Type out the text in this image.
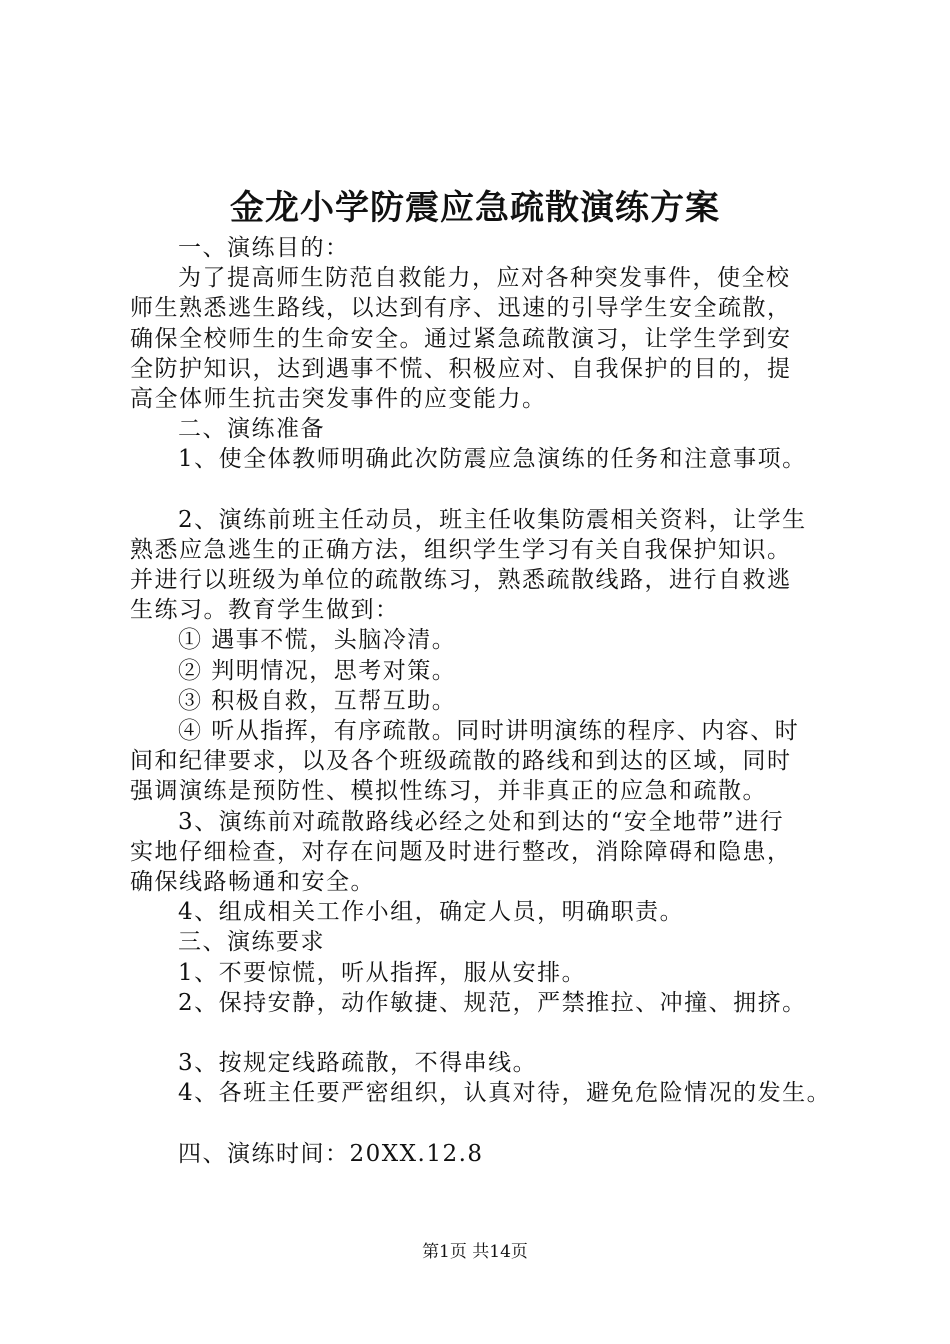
金龙小学防震应急疏散演练方案
一、演练目的：
为了提高师生防范自救能力，应对各种突发事件，使全校
师生熟悉逃生路线，以达到有序、迅速的引导学生安全疏散，
确保全校师生的生命安全。通过紧急疏散演习，让学生学到安
全防护知识，达到遇事不慌、积极应对、自我保护的目的，提
高全体师生抗击突发事件的应变能力。
二、演练准备
1、使全体教师明确此次防震应急演练的任务和注意事项。
2、演练前班主任动员，班主任收集防震相关资料，让学生
熟悉应急逃生的正确方法，组织学生学习有关自我保护知识。
并进行以班级为单位的疏散练习，熟悉疏散线路，进行自救逃
生练习。教育学生做到：
① 遇事不慌，头脑冷清。
② 判明情况，思考对策。
③ 积极自救，互帮互助。
④ 听从指挥，有序疏散。同时讲明演练的程序、内容、时
间和纪律要求，以及各个班级疏散的路线和到达的区域，同时
强调演练是预防性、模拟性练习，并非真正的应急和疏散。
3、演练前对疏散路线必经之处和到达的“安全地带”进行
实地仔细检查，对存在问题及时进行整改，消除障碍和隐患，
确保线路畅通和安全。
4、组成相关工作小组，确定人员，明确职责。
三、演练要求
1、不要惊慌，听从指挥，服从安排。
2、保持安静，动作敏捷、规范，严禁推拉、冲撞、拥挤。
3、按规定线路疏散，不得串线。
4、各班主任要严密组织，认真对待，避免危险情况的发生。
四、演练时间：20XX.12.8
第1页 共14页
